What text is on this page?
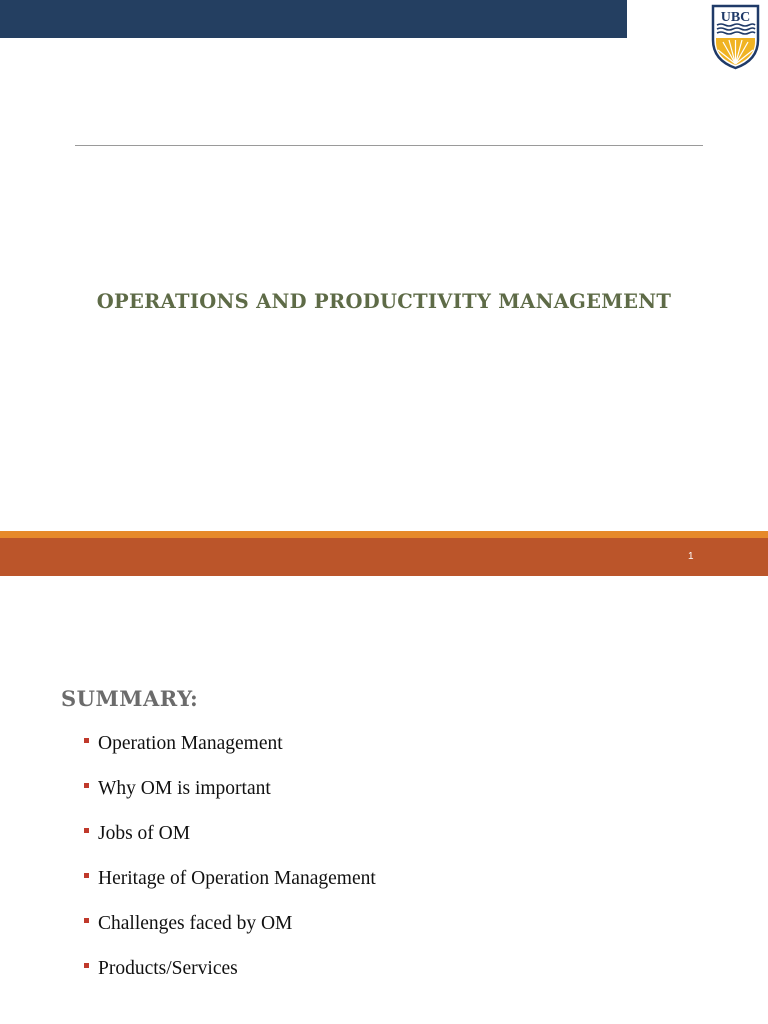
UBC
OPERATIONS AND PRODUCTIVITY MANAGEMENT
1
SUMMARY:
Operation Management
Why OM is important
Jobs of OM
Heritage of Operation Management
Challenges faced by OM
Products/Services
